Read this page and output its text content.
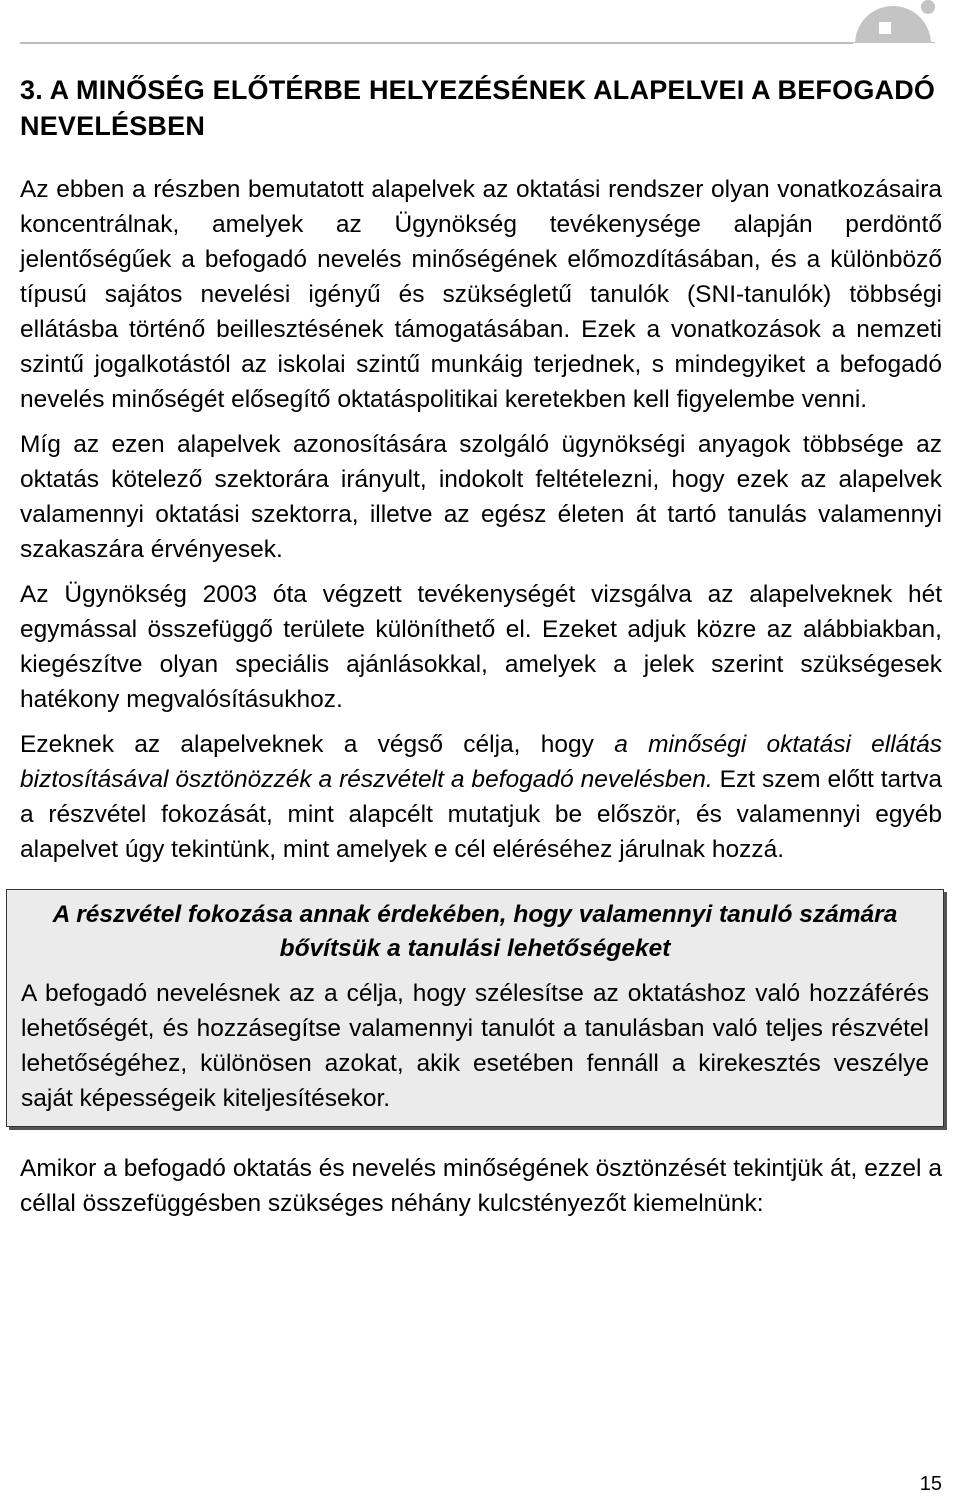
3. A MINŐSÉG ELŐTÉRBE HELYEZÉSÉNEK ALAPELVEI A BEFOGADÓ NEVELÉSBEN

Az ebben a részben bemutatott alapelvek az oktatási rendszer olyan vonatkozásaira koncentrálnak, amelyek az Ügynökség tevékenysége alapján perdöntő jelentőségűek a befogadó nevelés minőségének előmozdításában, és a különböző típusú sajátos nevelési igényű és szükségletű tanulók (SNI-tanulók) többségi ellátásba történő beillesztésének támogatásában. Ezek a vonatkozások a nemzeti szintű jogalkotástól az iskolai szintű munkáig terjednek, s mindegyiket a befogadó nevelés minőségét elősegítő oktatáspolitikai keretekben kell figyelembe venni.

Míg az ezen alapelvek azonosítására szolgáló ügynökségi anyagok többsége az oktatás kötelező szektorára irányult, indokolt feltételezni, hogy ezek az alapelvek valamennyi oktatási szektorra, illetve az egész életen át tartó tanulás valamennyi szakaszára érvényesek.

Az Ügynökség 2003 óta végzett tevékenységét vizsgálva az alapelveknek hét egymással összefüggő területe különíthető el. Ezeket adjuk közre az alábbiakban, kiegészítve olyan speciális ajánlásokkal, amelyek a jelek szerint szükségesek hatékony megvalósításukhoz.

Ezeknek az alapelveknek a végső célja, hogy a minőségi oktatási ellátás biztosításával ösztönözzék a részvételt a befogadó nevelésben. Ezt szem előtt tartva a részvétel fokozását, mint alapcélt mutatjuk be először, és valamennyi egyéb alapelvet úgy tekintünk, mint amelyek e cél eléréséhez járulnak hozzá.

A részvétel fokozása annak érdekében, hogy valamennyi tanuló számára bővítsük a tanulási lehetőségeket

A befogadó nevelésnek az a célja, hogy szélesítse az oktatáshoz való hozzáférés lehetőségét, és hozzásegítse valamennyi tanulót a tanulásban való teljes részvétel lehetőségéhez, különösen azokat, akik esetében fennáll a kirekesztés veszélye saját képességeik kiteljesítésekor.

Amikor a befogadó oktatás és nevelés minőségének ösztönzését tekintjük át, ezzel a céllal összefüggésben szükséges néhány kulcstényezőt kiemelnünk:

15
